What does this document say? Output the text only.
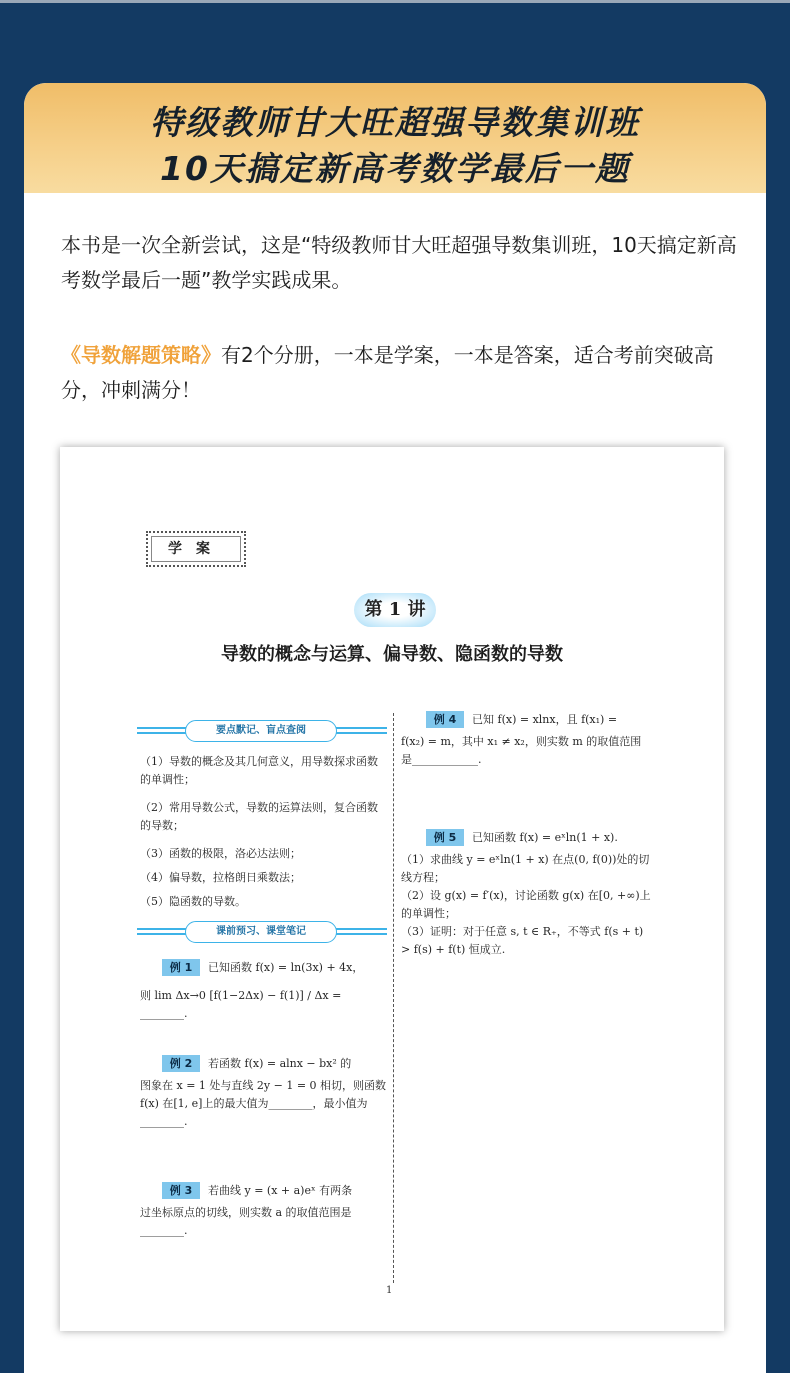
特级教师甘大旺超强导数集训班
10天搞定新高考数学最后一题
本书是一次全新尝试，这是“特级教师甘大旺超强导数集训班，10天搞定新高考数学最后一题”教学实践成果。
《导数解题策略》有2个分册，一本是学案，一本是答案，适合考前突破高分，冲刺满分！
学案
第 1 讲
导数的概念与运算、偏导数、隐函数的导数
要点默记、盲点查阅
（1）导数的概念及其几何意义，用导数探求函数的单调性；
（2）常用导数公式，导数的运算法则，复合函数的导数；
（3）函数的极限，洛必达法则；
（4）偏导数，拉格朗日乘数法；
（5）隐函数的导数。
课前预习、课堂笔记
例 1 已知函数 f(x) = ln(3x) + 4x，
则 lim Δx→0 [f(1−2Δx) − f(1)] / Δx = ________.
例 2 若函数 f(x) = alnx − bx² 的
图象在 x = 1 处与直线 2y − 1 = 0 相切，则函数 f(x) 在[1, e]上的最大值为________，最小值为________.
例 3 若曲线 y = (x + a)eˣ 有两条
过坐标原点的切线，则实数 a 的取值范围是________.
例 4 已知 f(x) = xlnx，且 f(x₁) =
f(x₂) = m，其中 x₁ ≠ x₂，则实数 m 的取值范围是____________.
例 5 已知函数 f(x) = eˣln(1 + x).
（1）求曲线 y = eˣln(1 + x) 在点(0, f(0))处的切线方程；
（2）设 g(x) = f′(x)，讨论函数 g(x) 在[0, +∞)上的单调性；
（3）证明：对于任意 s, t ∈ R₊，不等式 f(s + t) > f(s) + f(t) 恒成立.
1
